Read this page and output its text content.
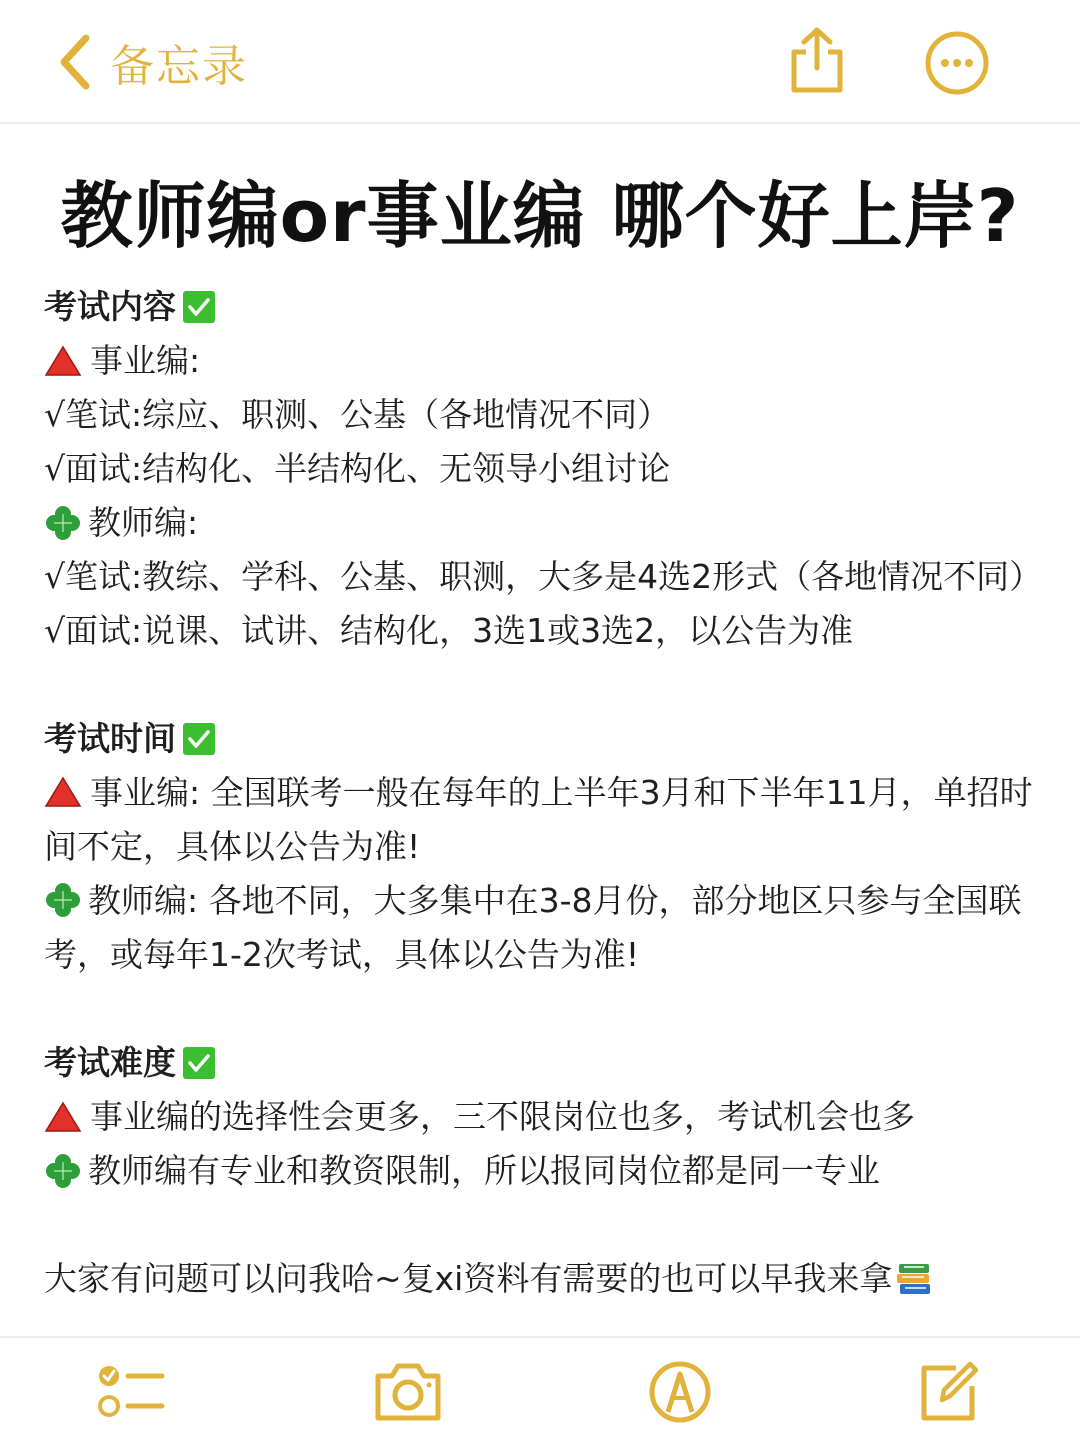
备忘录
教师编or事业编 哪个好上岸?
考试内容
事业编:
√笔试:综应、职测、公基（各地情况不同）
√面试:结构化、半结构化、无领导小组讨论
教师编:
√笔试:教综、学科、公基、职测，大多是4选2形式（各地情况不同）
√面试:说课、试讲、结构化，3选1或3选2，以公告为准
考试时间
事业编: 全国联考一般在每年的上半年3月和下半年11月，单招时间不定，具体以公告为准!
教师编: 各地不同，大多集中在3-8月份，部分地区只参与全国联考，或每年1-2次考试，具体以公告为准!
考试难度
事业编的选择性会更多，三不限岗位也多，考试机会也多
教师编有专业和教资限制，所以报同岗位都是同一专业
大家有问题可以问我哈~复xi资料有需要的也可以早我来拿
